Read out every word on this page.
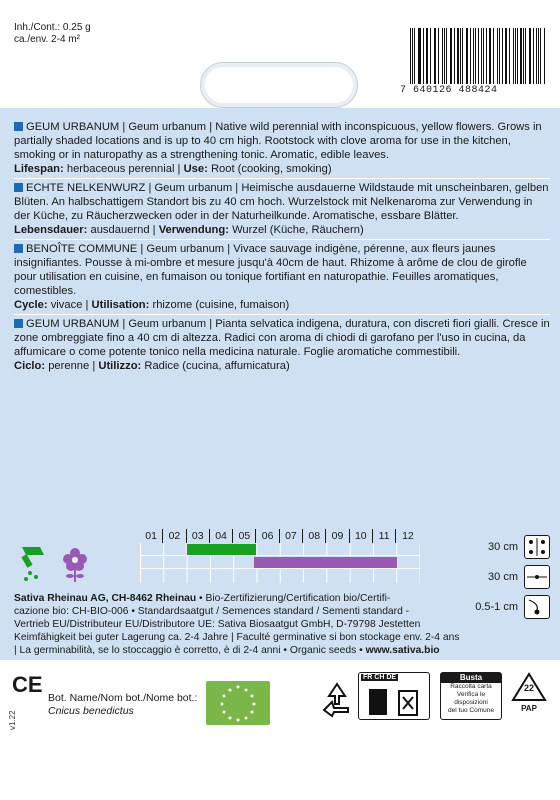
Inh./Cont.: 0.25 g
ca./env. 2-4 m²
7 640126 488424
GEUM URBANUM | Geum urbanum | Native wild perennial with inconspicuous, yellow flowers. Grows in partially shaded locations and is up to 40 cm high. Rootstock with clove aroma for use in the kitchen, smoking or in naturopathy as a strengthening tonic. Aromatic, edible leaves.
Lifespan: herbaceous perennial | Use: Root (cooking, smoking)
ECHTE NELKENWURZ | Geum urbanum | Heimische ausdauerne Wildstaude mit unscheinbaren, gelben Blüten. An halbschattigem Standort bis zu 40 cm hoch. Wurzelstock mit Nelkenaroma zur Verwendung in der Küche, zu Räucherzwecken oder in der Naturheilkunde. Aromatische, essbare Blätter.
Lebensdauer: ausdauernd | Verwendung: Wurzel (Küche, Räuchern)
BENOÎTE COMMUNE | Geum urbanum | Vivace sauvage indigène, pérenne, aux fleurs jaunes insignifiantes. Pousse à mi-ombre et mesure jusqu'à 40cm de haut. Rhizome à arôme de clou de girofle pour utilisation en cuisine, en fumaison ou tonique fortifiant en naturopathie. Feuilles aromatiques, comestibles.
Cycle: vivace | Utilisation: rhizome (cuisine, fumaison)
GEUM URBANUM | Geum urbanum | Pianta selvatica indigena, duratura, con discreti fiori gialli. Cresce in zone ombreggiate fino a 40 cm di altezza. Radici con aroma di chiodi di garofano per l'uso in cucina, da affumicare o come potente tonico nella medicina naturale. Foglie aromatiche commestibili.
Ciclo: perenne | Utilizzo: Radice (cucina, affumicatura)
01	02	03	04	05	06	07	08	09	10	11	12
30 cm
30 cm
0.5-1 cm
Sativa Rheinau AG, CH-8462 Rheinau • Bio-Zertifizierung/Certification bio/Certifi-
cazione bio: CH-BIO-006 • Standardsaatgut / Semences standard / Sementi standard -
Vertrieb EU/Distributeur EU/Distributore UE: Sativa Biosaatgut GmbH, D-79798 Jestetten
Keimfähigkeit bei guter Lagerung ca. 2-4 Jahre | Faculté germinative si bon stockage env. 2-4 ans
| La germinabilità, se lo stoccaggio è corretto, è di 2-4 anni • Organic seeds • www.sativa.bio
CE
v1.22
Bot. Name/Nom bot./Nome bot.:
Cnicus benedictus
FR CH DE	Busta
Raccolta carta
Verifica le disposizioni
del tuo Comune
22
PAP
